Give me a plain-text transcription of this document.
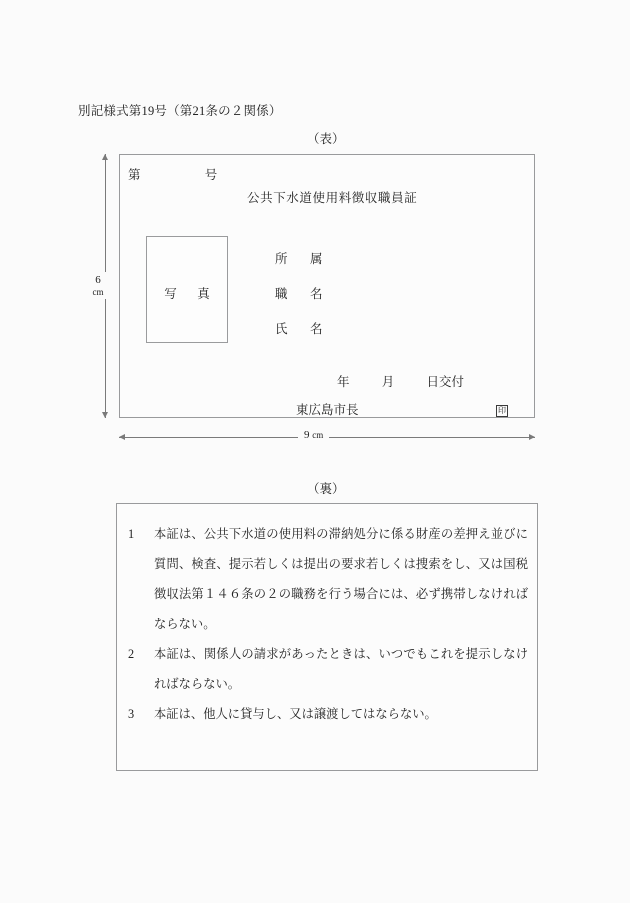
別記様式第19号（第21条の２関係）
（表）
第	号
公共下水道使用料徴収職員証
写　真
所　属
職　名
氏　名
年	月	日交付
東広島市長	印
6
cm
9 cm
（裏）
1	本証は、公共下水道の使用料の滞納処分に係る財産の差押え並びに質問、検査、提示若しくは提出の要求若しくは捜索をし、又は国税徴収法第１４６条の２の職務を行う場合には、必ず携帯しなければならない。
2	本証は、関係人の請求があったときは、いつでもこれを提示しなければならない。
3	本証は、他人に貸与し、又は譲渡してはならない。
